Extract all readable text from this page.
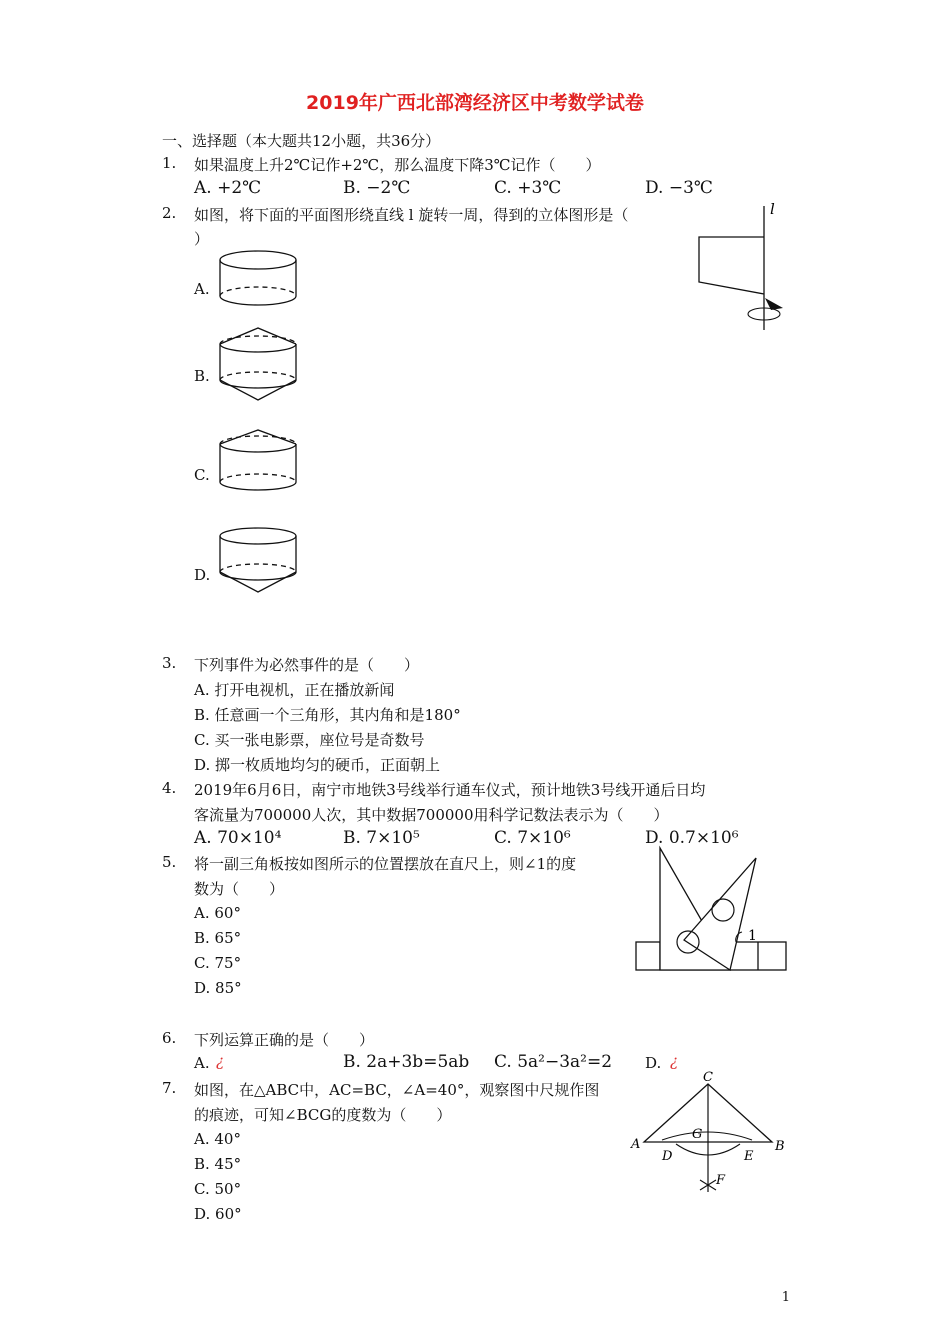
2019年广西北部湾经济区中考数学试卷
一、选择题（本大题共12小题，共36分）
1. 如果温度上升2℃记作+2℃，那么温度下降3℃记作（　　）
A. +2℃	B. −2℃	C. +3℃	D. −3℃
2. 如图，将下面的平面图形绕直线 l 旋转一周，得到的立体图形是（
）
A.
B.
C.
D.
l
3. 下列事件为必然事件的是（　　）
A. 打开电视机，正在播放新闻
B. 任意画一个三角形，其内角和是180°
C. 买一张电影票，座位号是奇数号
D. 掷一枚质地均匀的硬币，正面朝上
4. 2019年6月6日，南宁市地铁3号线举行通车仪式，预计地铁3号线开通后日均
客流量为700000人次，其中数据700000用科学记数法表示为（　　）
A. 70×10⁴	B. 7×10⁵	C. 7×10⁶	D. 0.7×10⁶
5. 将一副三角板按如图所示的位置摆放在直尺上，则∠1的度
数为（　　）
A. 60°
B. 65°
C. 75°
D. 85°
1
6. 下列运算正确的是（　　）
A. ¿	B. 2a+3b=5ab C. 5a²−3a²=2 D. ¿
7. 如图，在△ABC中，AC=BC，∠A=40°，观察图中尺规作图
的痕迹，可知∠BCG的度数为（　　）
A. 40°
B. 45°
C. 50°
D. 60°
A	B
C
D	E
F
G
1
